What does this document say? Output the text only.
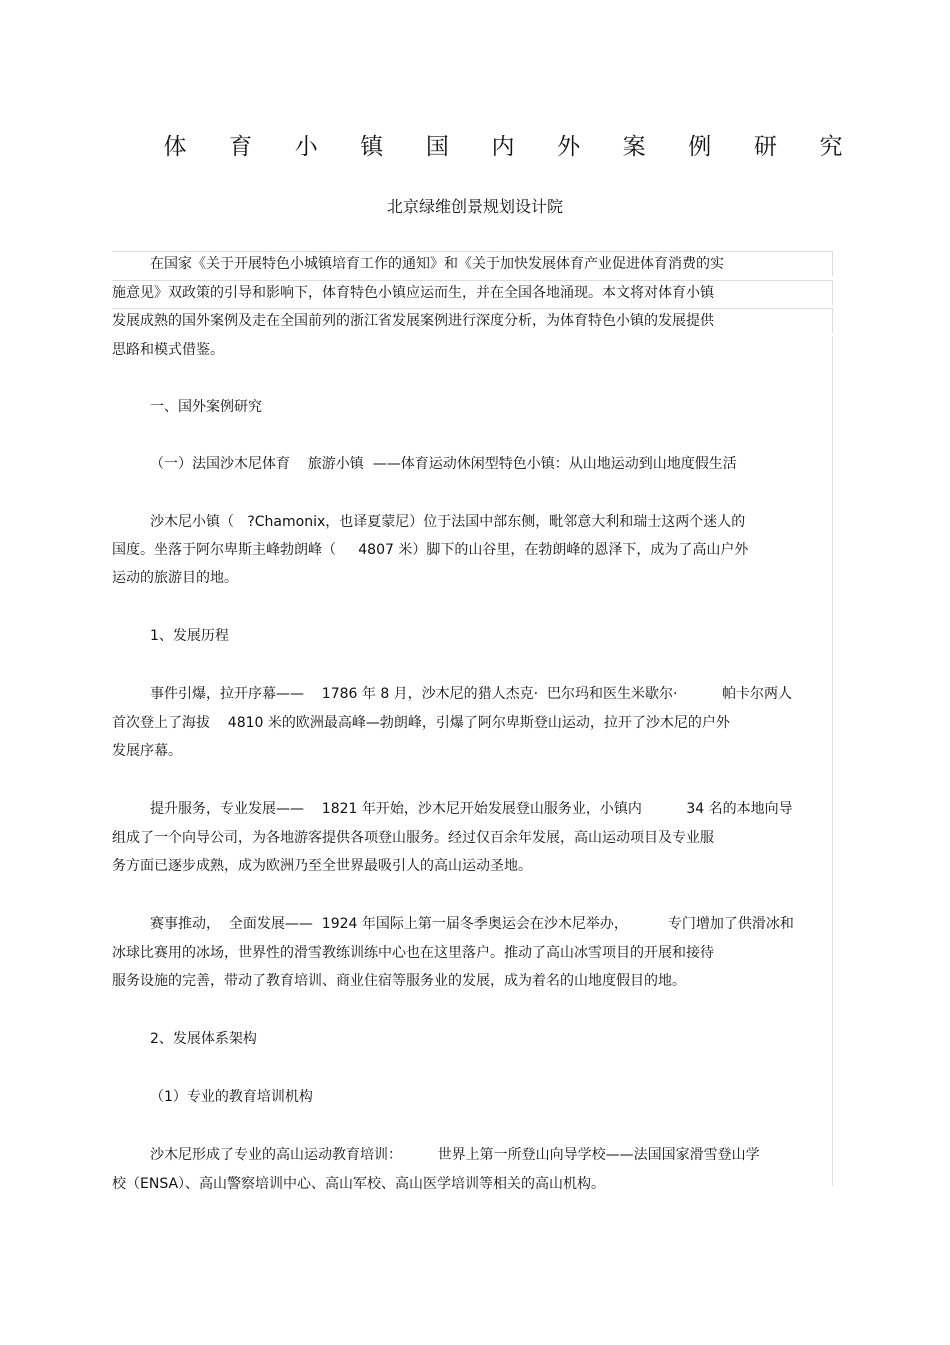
体 育 小 镇 国 内 外 案 例 研 究
北京绿维创景规划设计院
在国家《关于开展特色小城镇培育工作的通知》和《关于加快发展体育产业促进体育消费的实
施意见》双政策的引导和影响下，体育特色小镇应运而生，并在全国各地涌现。本文将对体育小镇
发展成熟的国外案例及走在全国前列的浙江省发展案例进行深度分析，为体育特色小镇的发展提供
思路和模式借鉴。
一、国外案例研究
（一）法国沙木尼体育    旅游小镇  ——体育运动休闲型特色小镇：从山地运动到山地度假生活
沙木尼小镇（   ?Chamonix，也译夏蒙尼）位于法国中部东侧，毗邻意大利和瑞士这两个迷人的
国度。坐落于阿尔卑斯主峰勃朗峰（     4807 米）脚下的山谷里，在勃朗峰的恩泽下，成为了高山户外
运动的旅游目的地。
1、发展历程
事件引爆，拉开序幕——    1786 年 8 月，沙木尼的猎人杰克·  巴尔玛和医生米歇尔·          帕卡尔两人
首次登上了海拔    4810 米的欧洲最高峰—勃朗峰，引爆了阿尔卑斯登山运动，拉开了沙木尼的户外
发展序幕。
提升服务，专业发展——    1821 年开始，沙木尼开始发展登山服务业，小镇内          34 名的本地向导
组成了一个向导公司，为各地游客提供各项登山服务。经过仅百余年发展，高山运动项目及专业服
务方面已逐步成熟，成为欧洲乃至全世界最吸引人的高山运动圣地。
赛事推动，  全面发展——  1924 年国际上第一届冬季奥运会在沙木尼举办，         专门增加了供滑冰和
冰球比赛用的冰场，世界性的滑雪教练训练中心也在这里落户。推动了高山冰雪项目的开展和接待
服务设施的完善，带动了教育培训、商业住宿等服务业的发展，成为着名的山地度假目的地。
2、发展体系架构
（1）专业的教育培训机构
沙木尼形成了专业的高山运动教育培训：        世界上第一所登山向导学校——法国国家滑雪登山学
校（ENSA）、高山警察培训中心、高山军校、高山医学培训等相关的高山机构。
